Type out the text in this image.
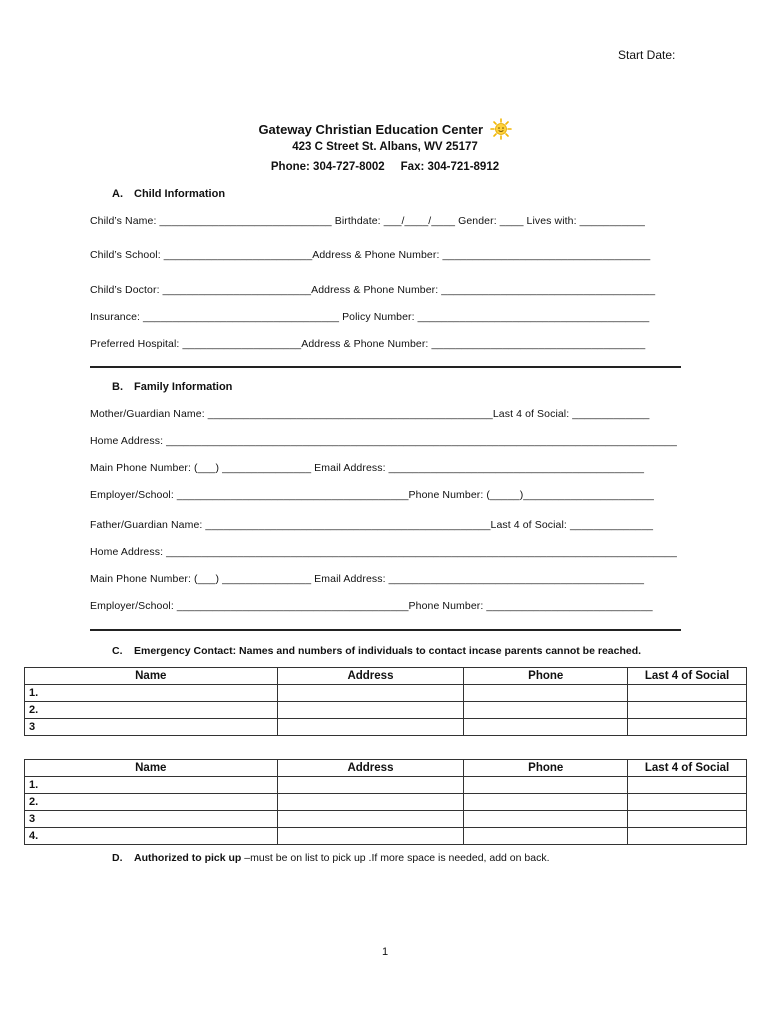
Start Date:
Gateway Christian Education Center
423 C Street St. Albans, WV 25177
Phone: 304-727-8002     Fax: 304-721-8912
A. Child Information
Child’s Name: _____________________________ Birthdate: ___/____/____ Gender: ____ Lives with: ___________
Child’s School: _________________________Address & Phone Number: ___________________________________
Child’s Doctor: _________________________Address & Phone Number: ____________________________________
Insurance: _________________________________ Policy Number: _______________________________________
Preferred Hospital: ____________________Address & Phone Number: ____________________________________
B. Family Information
Mother/Guardian Name: ________________________________________________Last 4 of Social: _____________
Home Address: ______________________________________________________________________________________
Main Phone Number: (___) _______________ Email Address: ___________________________________________
Employer/School: _______________________________________Phone Number: (_____)______________________
Father/Guardian Name: ________________________________________________Last 4 of Social: ______________
Home Address: ______________________________________________________________________________________
Main Phone Number: (___) _______________ Email Address: ___________________________________________
Employer/School: _______________________________________Phone Number: ____________________________
C. Emergency Contact: Names and numbers of individuals to contact incase parents cannot be reached.
Name	Address	Phone	Last 4 of Social
1.			
2.			
3			
Name	Address	Phone	Last 4 of Social
1.			
2.			
3			
4.			
D. Authorized to pick up –must be on list to pick up .If more space is needed, add on back.
1
